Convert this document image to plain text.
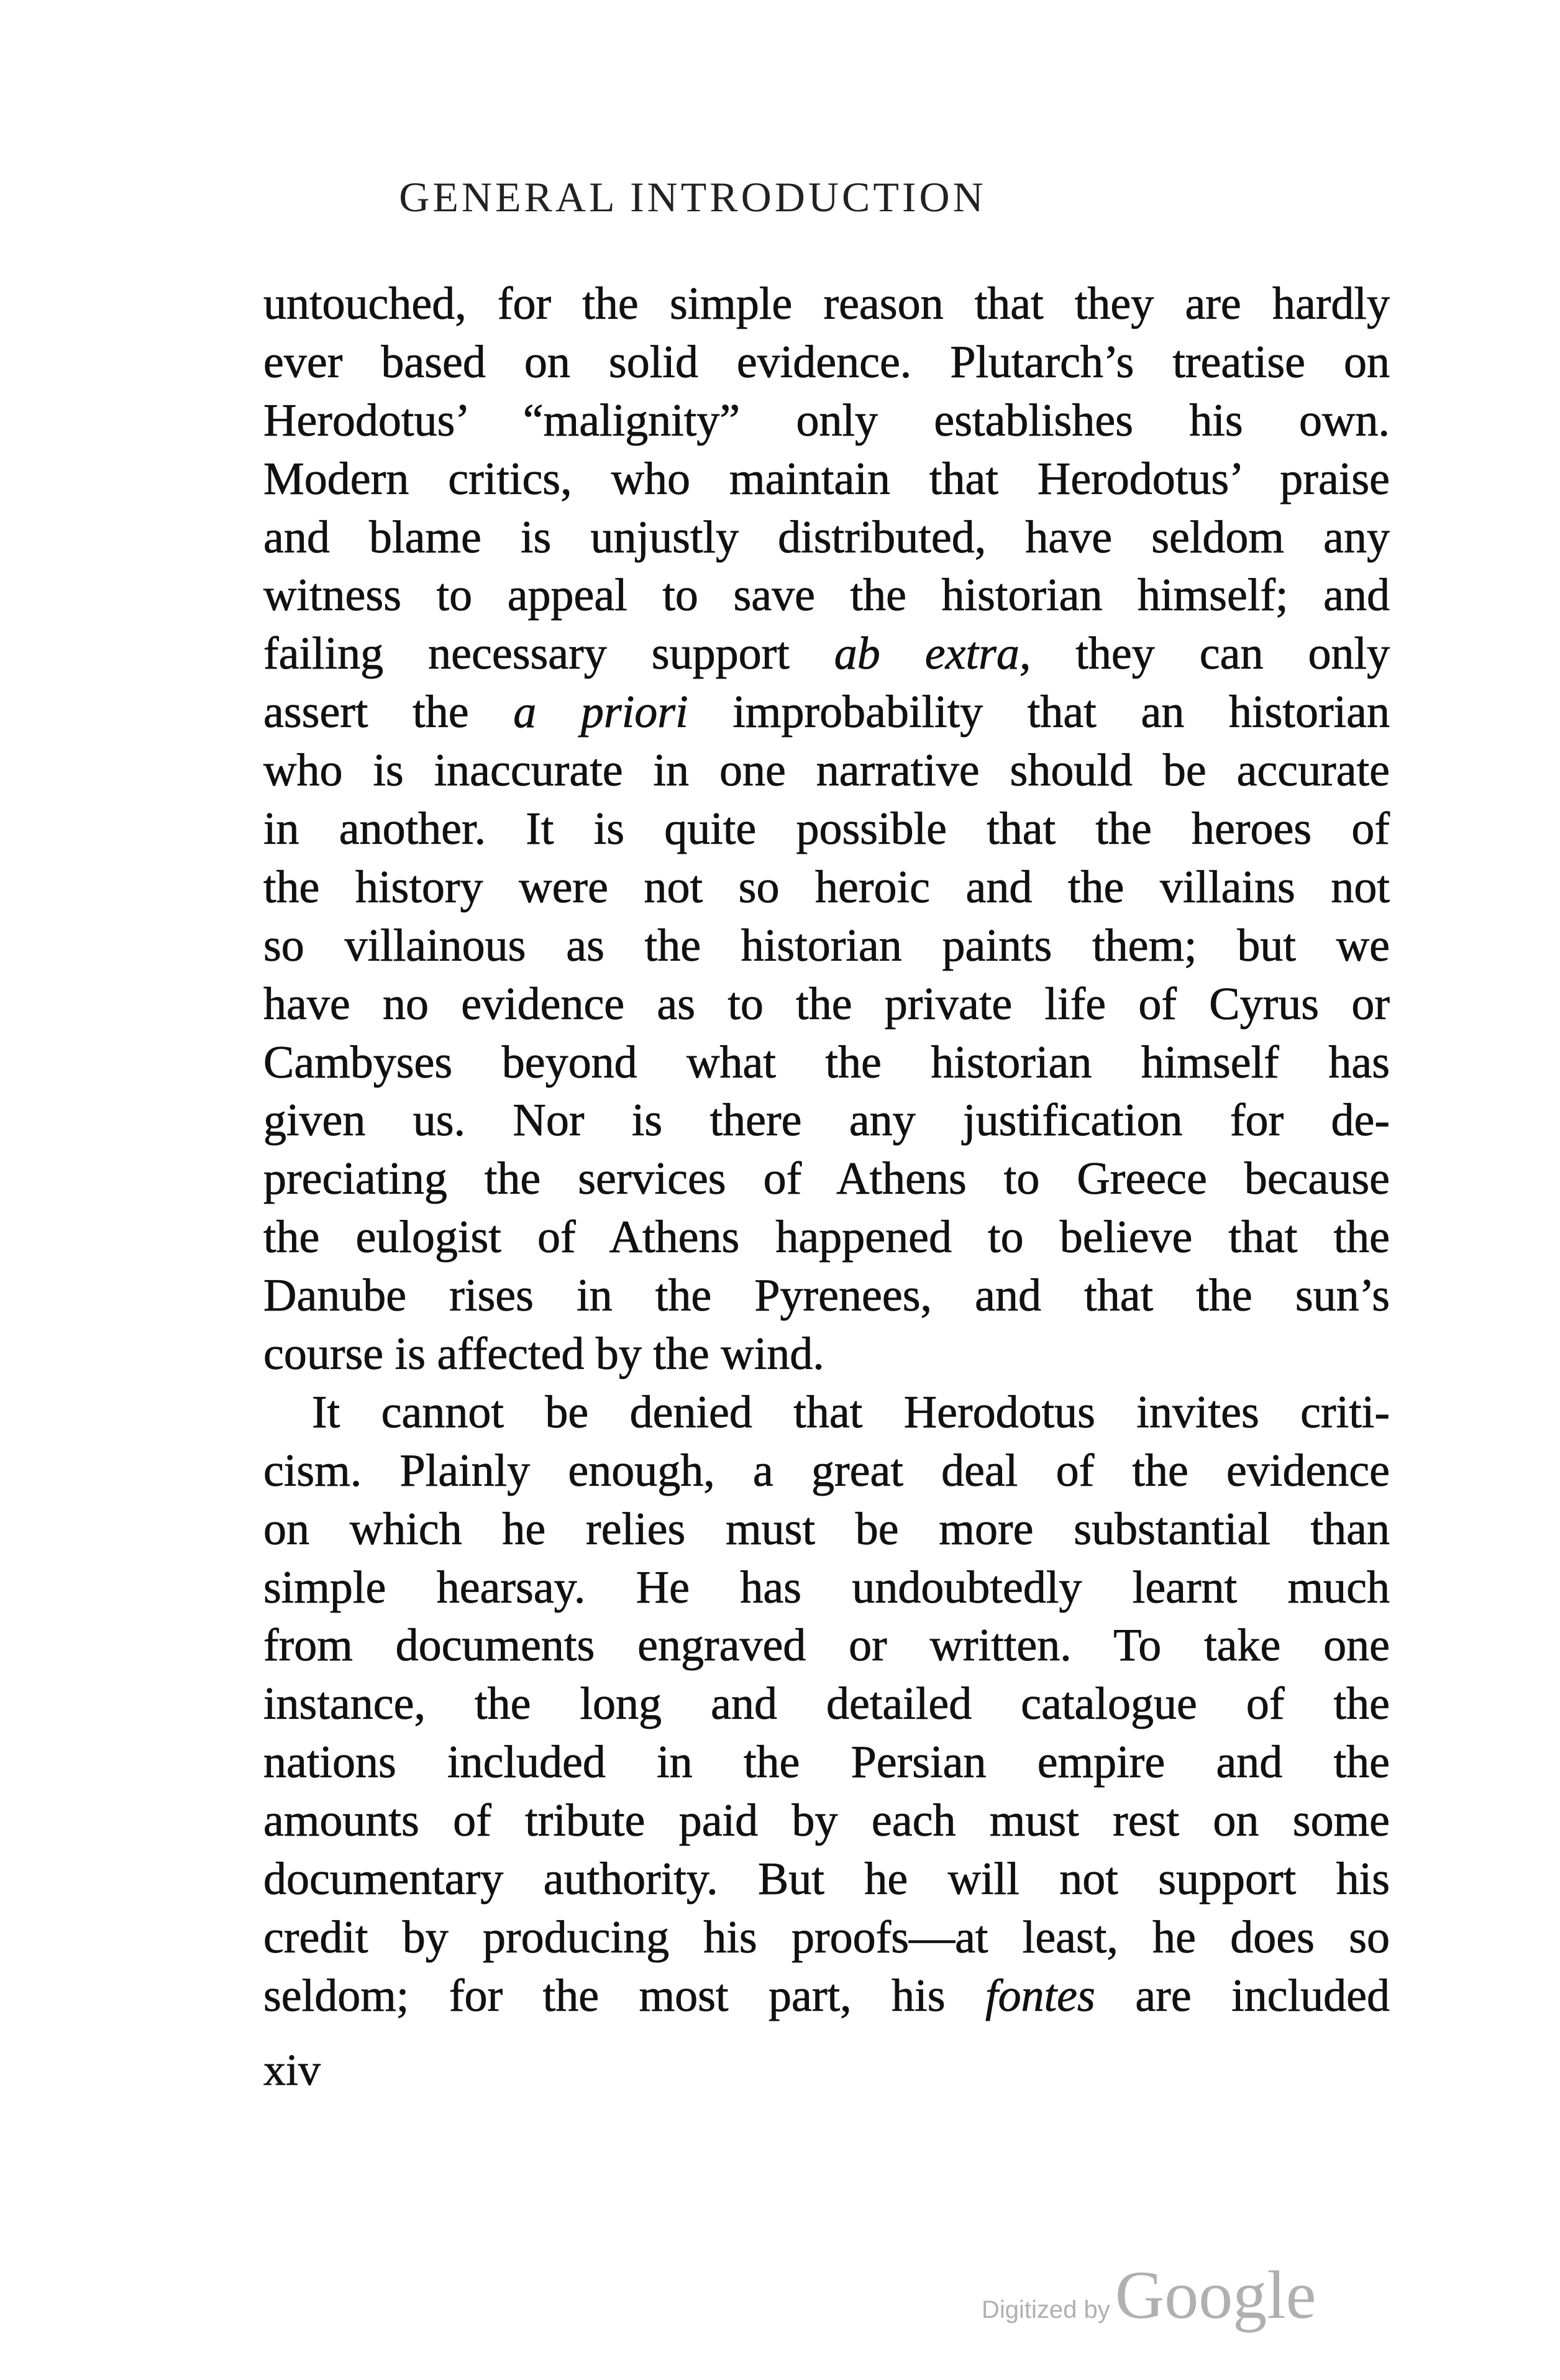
GENERAL INTRODUCTION
untouched, for the simple reason that they are hardly
ever based on solid evidence. Plutarch’s treatise on
Herodotus’ “malignity” only establishes his own.
Modern critics, who maintain that Herodotus’ praise
and blame is unjustly distributed, have seldom any
witness to appeal to save the historian himself; and
failing necessary support ab extra, they can only
assert the a priori improbability that an historian
who is inaccurate in one narrative should be accurate
in another. It is quite possible that the heroes of
the history were not so heroic and the villains not
so villainous as the historian paints them; but we
have no evidence as to the private life of Cyrus or
Cambyses beyond what the historian himself has
given us. Nor is there any justification for de-
preciating the services of Athens to Greece because
the eulogist of Athens happened to believe that the
Danube rises in the Pyrenees, and that the sun’s
course is affected by the wind.
It cannot be denied that Herodotus invites criti-
cism. Plainly enough, a great deal of the evidence
on which he relies must be more substantial than
simple hearsay. He has undoubtedly learnt much
from documents engraved or written. To take one
instance, the long and detailed catalogue of the
nations included in the Persian empire and the
amounts of tribute paid by each must rest on some
documentary authority. But he will not support his
credit by producing his proofs—at least, he does so
seldom; for the most part, his fontes are included
xiv
Digitized by Google
